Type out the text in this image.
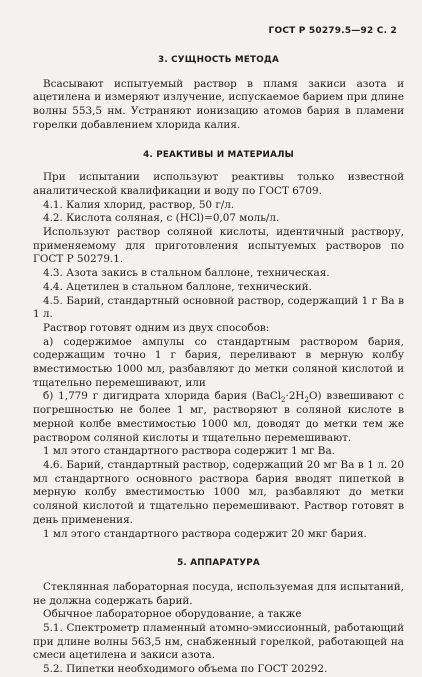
ГОСТ Р 50279.5—92 С. 2
3. СУЩНОСТЬ МЕТОДА

Всасывают испытуемый раствор в пламя закиси азота и ацетилена и измеряют излучение, испускаемое барием при длине волны 553,5 нм. Устраняют ионизацию атомов бария в пламени горелки добавлением хлорида калия.

4. РЕАКТИВЫ И МАТЕРИАЛЫ

При испытании используют реактивы только известной аналитической квалификации и воду по ГОСТ 6709.

4.1. Калия хлорид, раствор, 50 г/л.

4.2. Кислота соляная, с (HCl)=0,07 моль/л.

Используют раствор соляной кислоты, идентичный раствору, применяемому для приготовления испытуемых растворов по ГОСТ Р 50279.1.

4.3. Азота закись в стальном баллоне, техническая.

4.4. Ацетилен в стальном баллоне, технический.

4.5. Барий, стандартный основной раствор, содержащий 1 г Ba в 1 л.

Раствор готовят одним из двух способов:

а) содержимое ампулы со стандартным раствором бария, содержащим точно 1 г бария, переливают в мерную колбу вместимостью 1000 мл, разбавляют до метки соляной кислотой и тщательно перемешивают, или

б) 1,779 г дигидрата хлорида бария $(BaCl_2\cdot 2H_2O)$ взвешивают с погрешностью не более 1 мг, растворяют в соляной кислоте в мерной колбе вместимостью 1000 мл, доводят до метки тем же раствором соляной кислоты и тщательно перемешивают.

1 мл этого стандартного раствора содержит 1 мг Ba.

4.6. Барий, стандартный раствор, содержащий 20 мг Ba в 1 л. 20 мл стандартного основного раствора бария вводят пипеткой в мерную колбу вместимостью 1000 мл, разбавляют до метки соляной кислотой и тщательно перемешивают. Раствор готовят в день применения.

1 мл этого стандартного раствора содержит 20 мкг бария.

5. АППАРАТУРА

Стеклянная лабораторная посуда, используемая для испытаний, не должна содержать барий.

Обычное лабораторное оборудование, а также

5.1. Спектрометр пламенный атомно-эмиссионный, работающий при длине волны 563,5 нм, снабженный горелкой, работающей на смеси ацетилена и закиси азота.

5.2. Пипетки необходимого объема по ГОСТ 20292.
